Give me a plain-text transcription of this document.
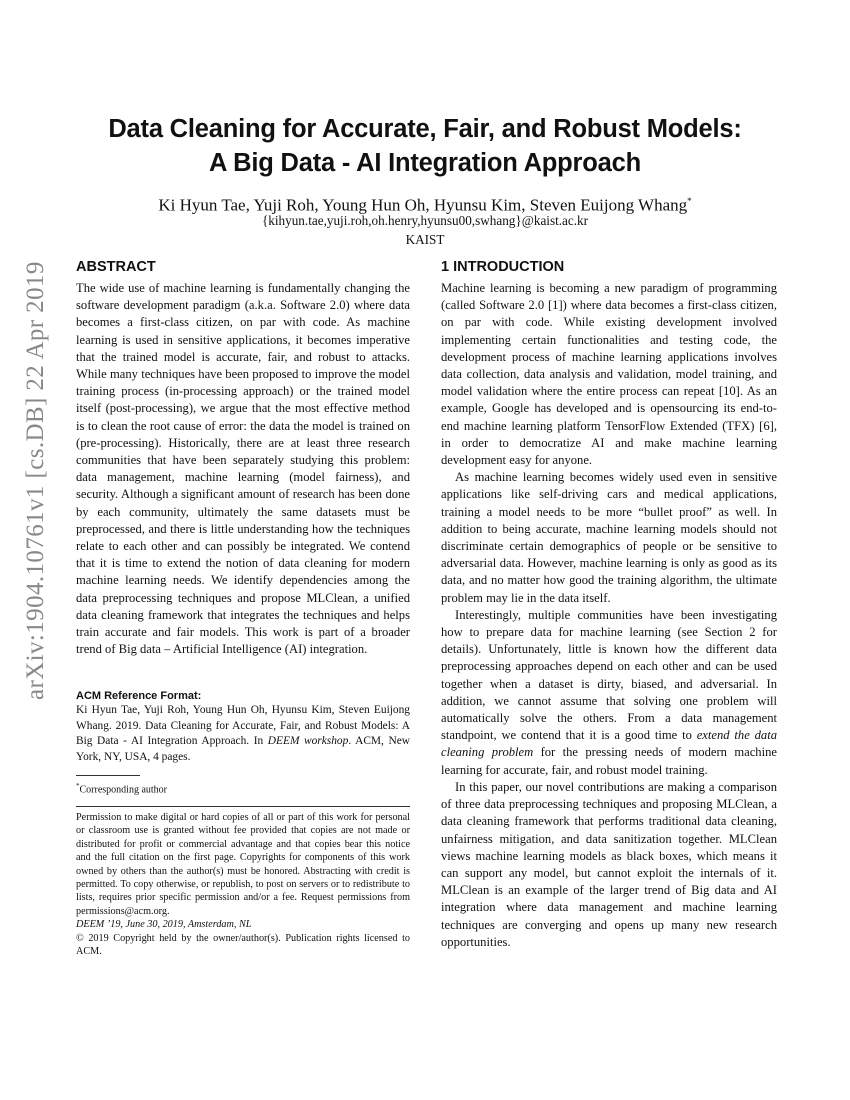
arXiv:1904.10761v1 [cs.DB] 22 Apr 2019
Data Cleaning for Accurate, Fair, and Robust Models:
A Big Data - AI Integration Approach
Ki Hyun Tae, Yuji Roh, Young Hun Oh, Hyunsu Kim, Steven Euijong Whang*
{kihyun.tae,yuji.roh,oh.henry,hyunsu00,swhang}@kaist.ac.kr
KAIST
ABSTRACT

The wide use of machine learning is fundamentally changing the software development paradigm (a.k.a. Software 2.0) where data becomes a first-class citizen, on par with code. As machine learning is used in sensitive applications, it becomes imperative that the trained model is accurate, fair, and robust to attacks. While many techniques have been proposed to improve the model training process (in-processing approach) or the trained model itself (post-processing), we argue that the most effective method is to clean the root cause of error: the data the model is trained on (pre-processing). Historically, there are at least three research communities that have been separately studying this problem: data management, machine learning (model fairness), and security. Although a significant amount of research has been done by each community, ultimately the same datasets must be preprocessed, and there is little understanding how the techniques relate to each other and can possibly be integrated. We contend that it is time to extend the notion of data cleaning for modern machine learning needs. We identify dependencies among the data preprocessing techniques and propose MLClean, a unified data cleaning framework that integrates the techniques and helps train accurate and fair models. This work is part of a broader trend of Big data – Artificial Intelligence (AI) integration.

ACM Reference Format:
Ki Hyun Tae, Yuji Roh, Young Hun Oh, Hyunsu Kim, Steven Euijong Whang. 2019. Data Cleaning for Accurate, Fair, and Robust Models: A Big Data - AI Integration Approach. In DEEM workshop. ACM, New York, NY, USA, 4 pages.
*Corresponding author

Permission to make digital or hard copies of all or part of this work for personal or classroom use is granted without fee provided that copies are not made or distributed for profit or commercial advantage and that copies bear this notice and the full citation on the first page. Copyrights for components of this work owned by others than the author(s) must be honored. Abstracting with credit is permitted. To copy otherwise, or republish, to post on servers or to redistribute to lists, requires prior specific permission and/or a fee. Request permissions from permissions@acm.org.

DEEM ’19, June 30, 2019, Amsterdam, NL

© 2019 Copyright held by the owner/author(s). Publication rights licensed to ACM.

1 INTRODUCTION

Machine learning is becoming a new paradigm of programming (called Software 2.0 [1]) where data becomes a first-class citizen, on par with code. While existing development involved implementing certain functionalities and testing code, the development process of machine learning applications involves data collection, data analysis and validation, model training, and model validation where the entire process can repeat [10]. As an example, Google has developed and is opensourcing its end-to-end machine learning platform TensorFlow Extended (TFX) [6], in order to democratize AI and make machine learning development easy for anyone.

As machine learning becomes widely used even in sensitive applications like self-driving cars and medical applications, training a model needs to be more “bullet proof” as well. In addition to being accurate, machine learning models should not discriminate certain demographics of people or be sensitive to adversarial data. However, machine learning is only as good as its data, and no matter how good the training algorithm, the ultimate problem may lie in the data itself.

Interestingly, multiple communities have been investigating how to prepare data for machine learning (see Section 2 for details). Unfortunately, little is known how the different data preprocessing approaches depend on each other and can be used together when a dataset is dirty, biased, and adversarial. In addition, we cannot assume that solving one problem will automatically solve the others. From a data management standpoint, we contend that it is a good time to extend the data cleaning problem for the pressing needs of modern machine learning for accurate, fair, and robust model training.

In this paper, our novel contributions are making a comparison of three data preprocessing techniques and proposing MLClean, a data cleaning framework that performs traditional data cleaning, unfairness mitigation, and data sanitization together. MLClean views machine learning models as black boxes, which means it can support any model, but cannot exploit the internals of it. MLClean is an example of the larger trend of Big data and AI integration where data management and machine learning techniques are converging and opens up many new research opportunities.
